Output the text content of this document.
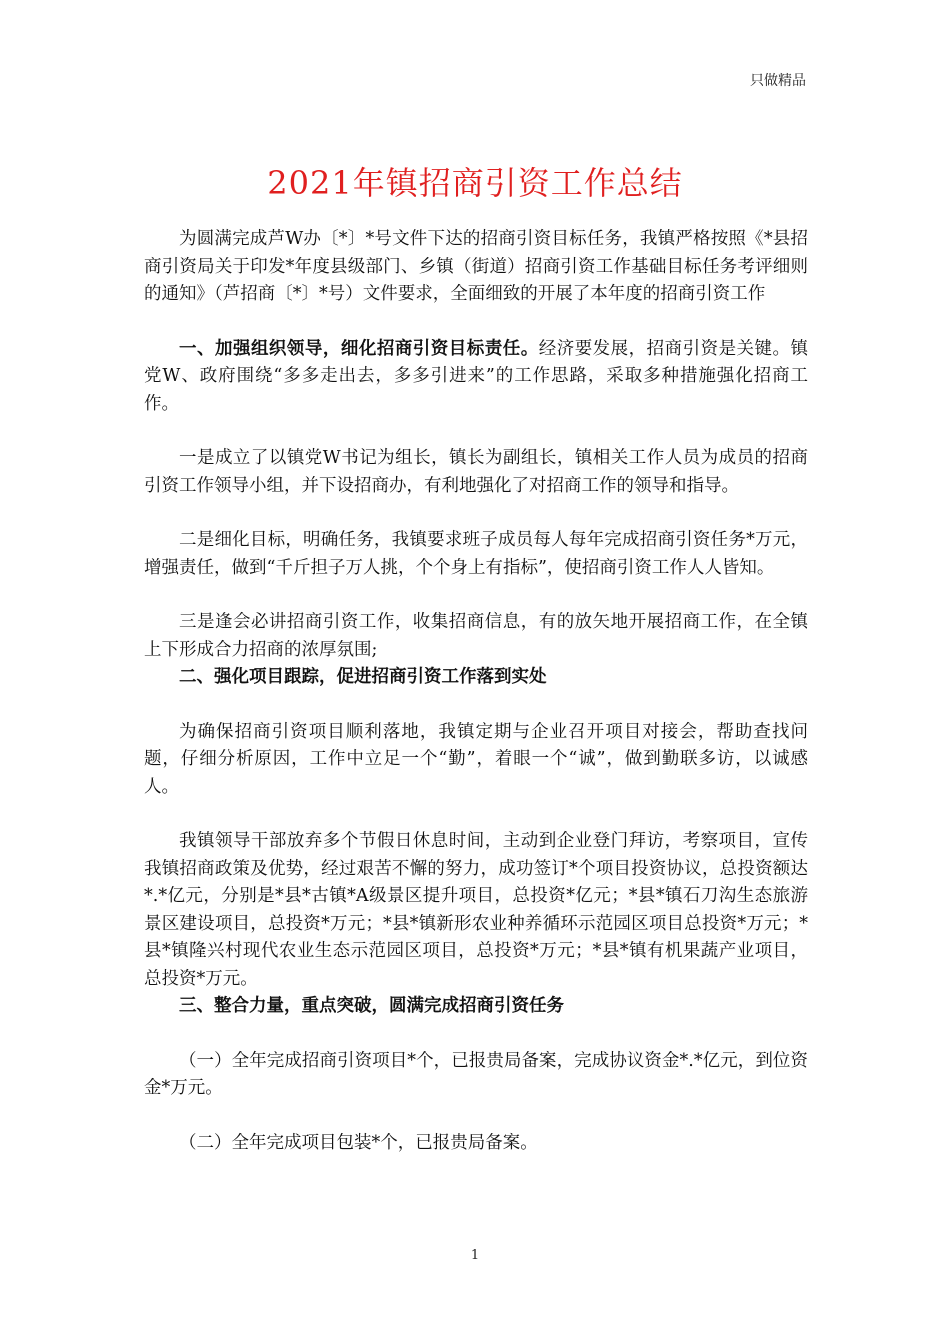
只做精品
2021年镇招商引资工作总结

为圆满完成芦W办〔*〕*号文件下达的招商引资目标任务，我镇严格按照《*县招商引资局关于印发*年度县级部门、乡镇（街道）招商引资工作基础目标任务考评细则的通知》（芦招商〔*〕*号）文件要求，全面细致的开展了本年度的招商引资工作

一、加强组织领导，细化招商引资目标责任。经济要发展，招商引资是关键。镇党W、政府围绕“多多走出去，多多引进来”的工作思路，采取多种措施强化招商工作。

一是成立了以镇党W书记为组长，镇长为副组长，镇相关工作人员为成员的招商引资工作领导小组，并下设招商办，有利地强化了对招商工作的领导和指导。

二是细化目标，明确任务，我镇要求班子成员每人每年完成招商引资任务*万元，增强责任，做到“千斤担子万人挑，个个身上有指标”，使招商引资工作人人皆知。

三是逢会必讲招商引资工作，收集招商信息，有的放矢地开展招商工作，在全镇上下形成合力招商的浓厚氛围;

二、强化项目跟踪，促进招商引资工作落到实处

为确保招商引资项目顺利落地，我镇定期与企业召开项目对接会，帮助查找问题，仔细分析原因，工作中立足一个“勤”，着眼一个“诚”，做到勤联多访，以诚感人。

我镇领导干部放弃多个节假日休息时间，主动到企业登门拜访，考察项目，宣传我镇招商政策及优势，经过艰苦不懈的努力，成功签订*个项目投资协议，总投资额达*.*亿元，分别是*县*古镇*A级景区提升项目，总投资*亿元；*县*镇石刀沟生态旅游景区建设项目，总投资*万元；*县*镇新形农业种养循环示范园区项目总投资*万元；*县*镇隆兴村现代农业生态示范园区项目，总投资*万元；*县*镇有机果蔬产业项目，总投资*万元。

三、整合力量，重点突破，圆满完成招商引资任务

（一）全年完成招商引资项目*个，已报贵局备案，完成协议资金*.*亿元，到位资金*万元。

（二）全年完成项目包装*个，已报贵局备案。

1
